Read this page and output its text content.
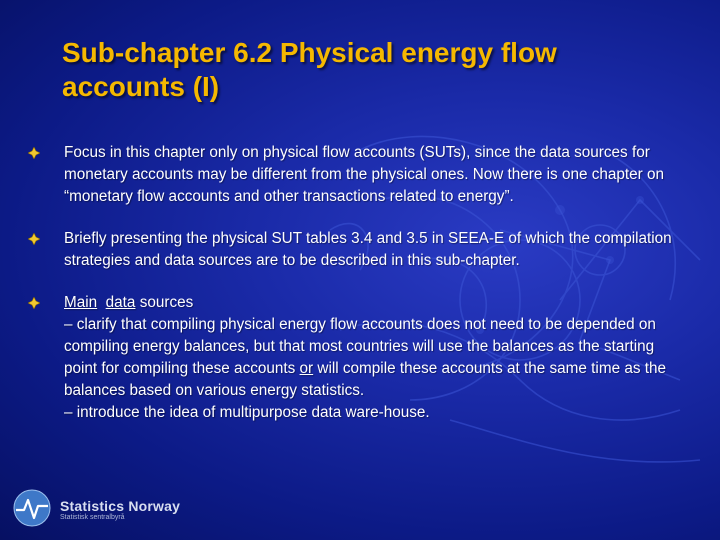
Sub-chapter 6.2 Physical energy flow accounts (I)
Focus in this chapter only on physical flow accounts (SUTs), since the data sources for monetary accounts may be different from the physical ones. Now there is one chapter on “monetary flow accounts and other transactions related to energy”.
Briefly presenting the physical SUT tables 3.4 and 3.5 in SEEA-E of which the compilation strategies and data sources are to be described in this sub-chapter.
Main data sources
– clarify that compiling physical energy flow accounts does not need to be depended on compiling energy balances, but that most countries will use the balances as the starting point for compiling these accounts or will compile these accounts at the same time as the balances based on various energy statistics.
– introduce the idea of multipurpose data ware-house.
Statistics Norway
Statistisk sentralbyrå
